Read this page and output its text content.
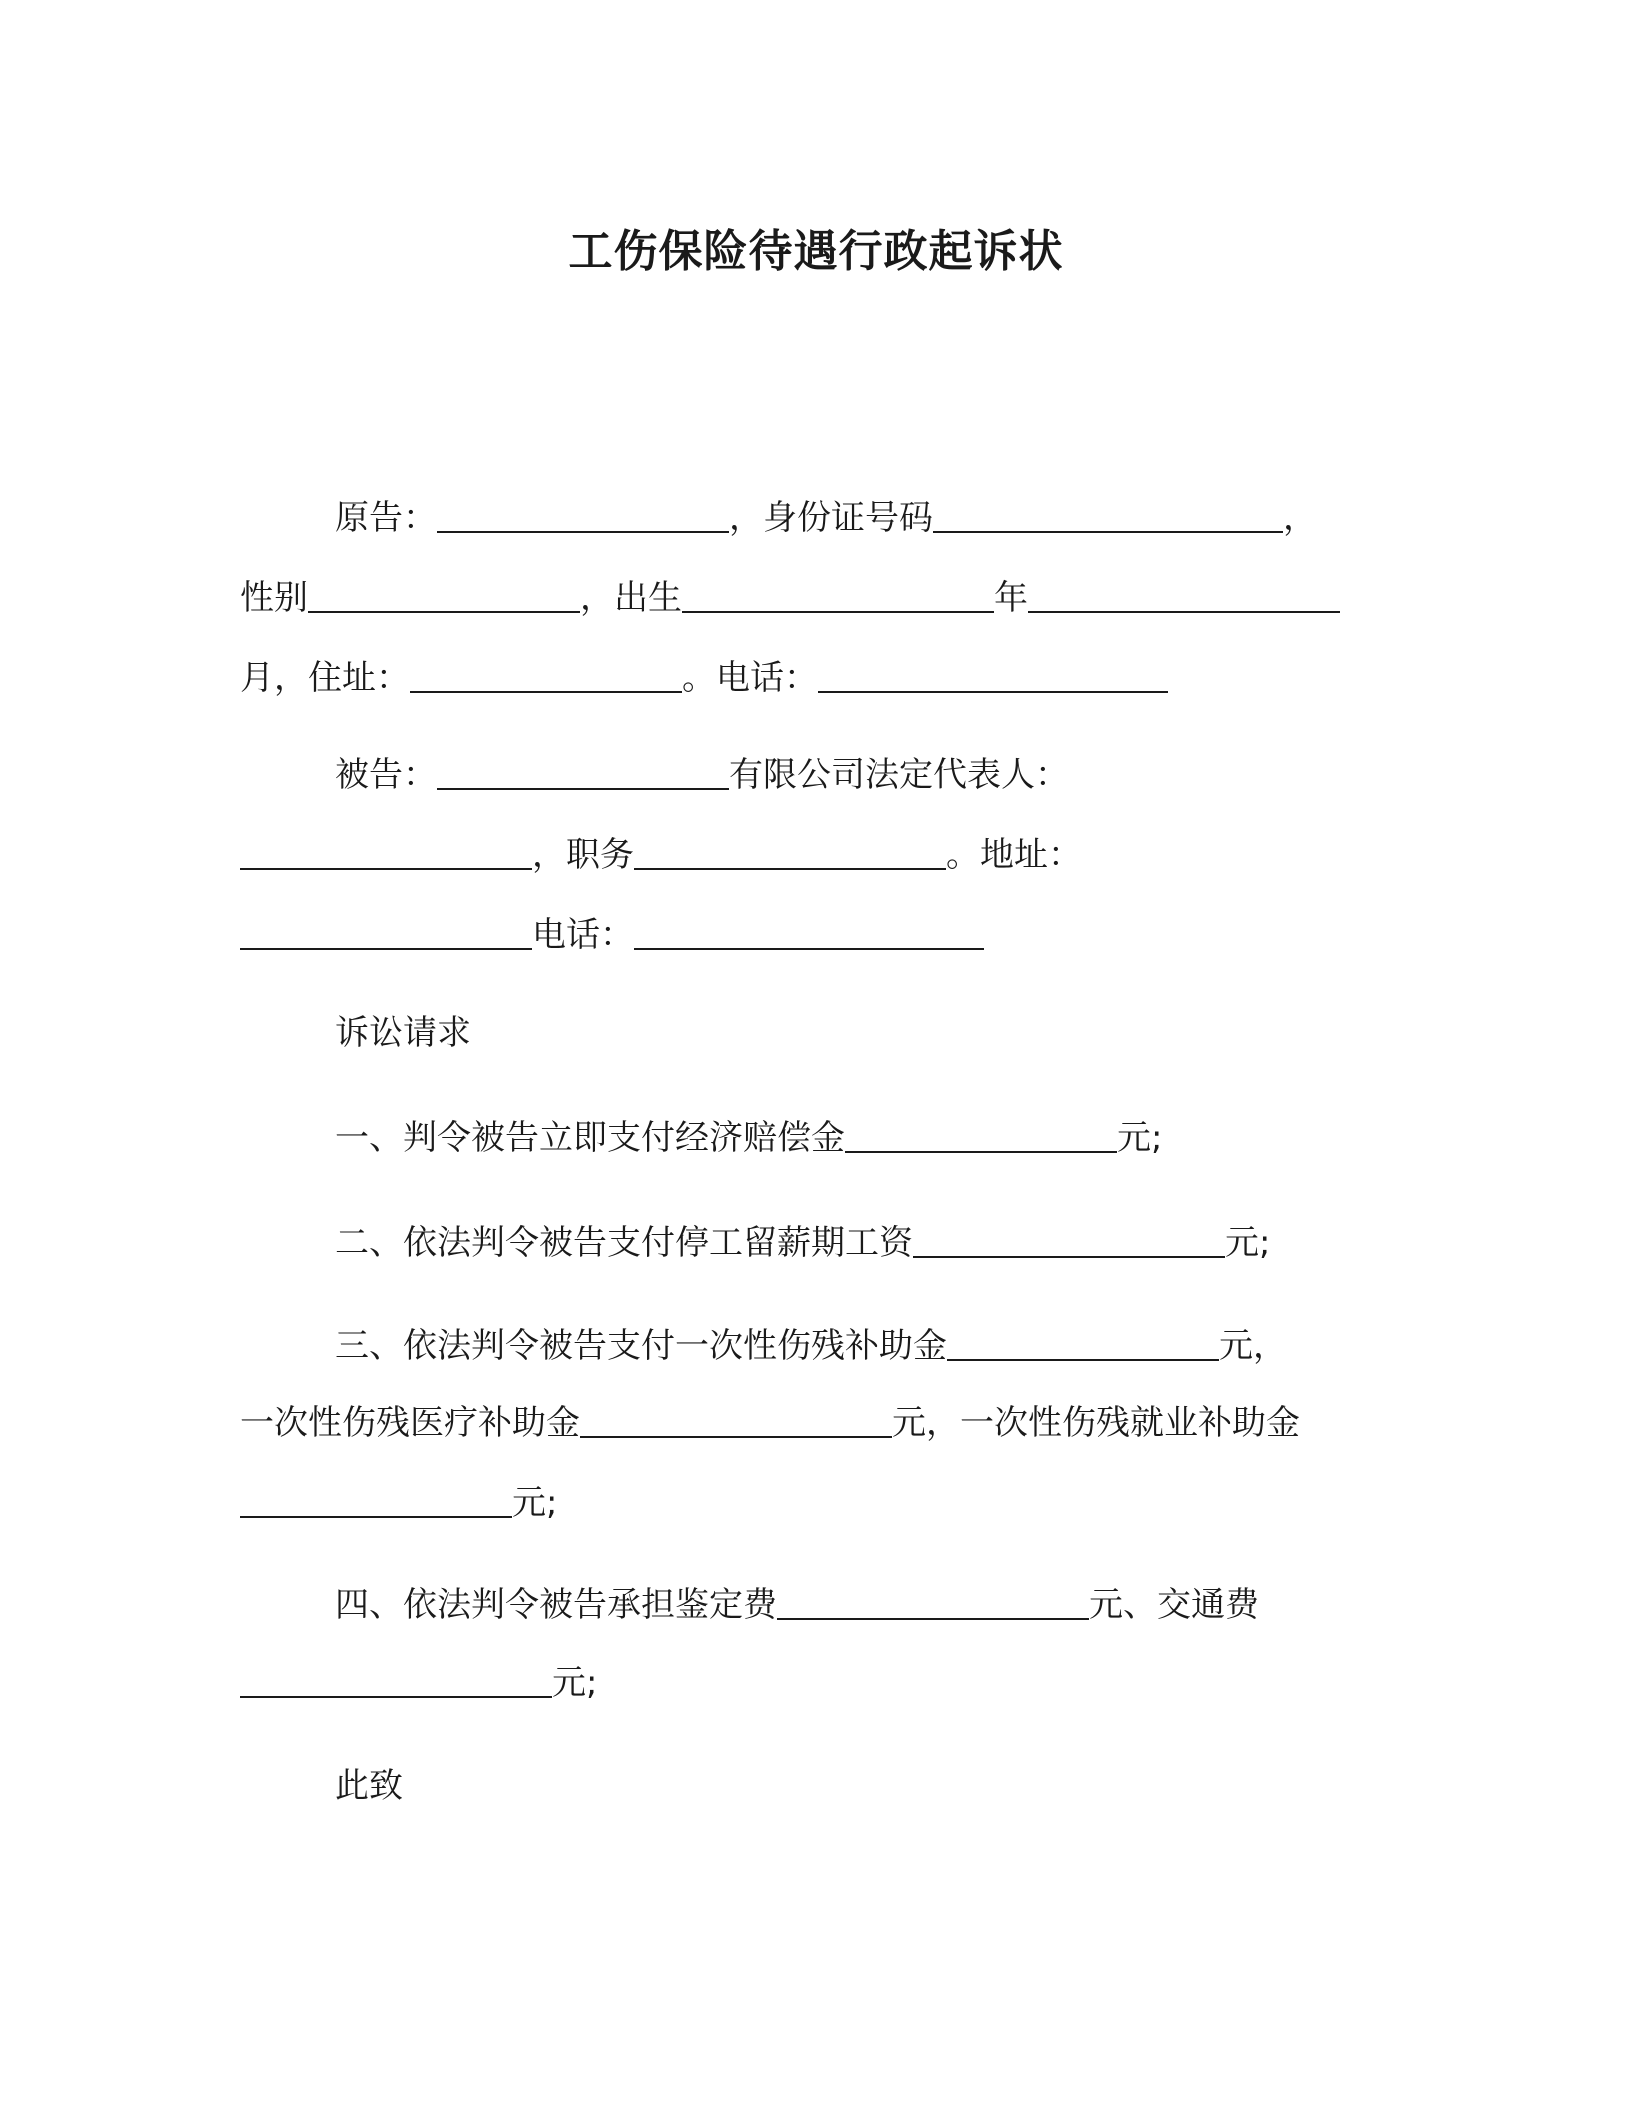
工伤保险待遇行政起诉状
原告：	，身份证号码	，
性别	，出生	年
月，住址：	。电话：
被告：	有限公司法定代表人：
，职务	。地址：
电话：
诉讼请求
一、判令被告立即支付经济赔偿金	元;
二、依法判令被告支付停工留薪期工资	元;
三、依法判令被告支付一次性伤残补助金	元，
一次性伤残医疗补助金	元，一次性伤残就业补助金
元;
四、依法判令被告承担鉴定费	元、交通费
元;
此致
